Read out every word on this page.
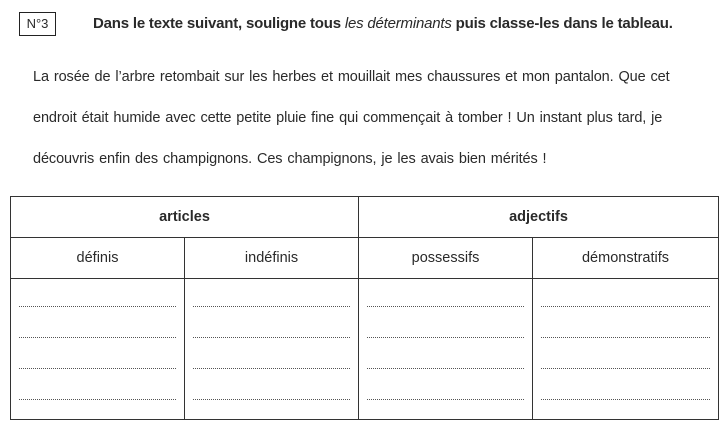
N°3	Dans le texte suivant, souligne tous les déterminants puis classe-les dans le tableau.
La rosée de l’arbre retombait sur les herbes et mouillait mes chaussures et mon pantalon. Que cet
endroit était humide avec cette petite pluie fine qui commençait à tomber ! Un instant plus tard, je
découvris enfin des champignons. Ces champignons, je les avais bien mérités !
articles		adjectifs	
définis	indéfinis	possessifs	démonstratifs
